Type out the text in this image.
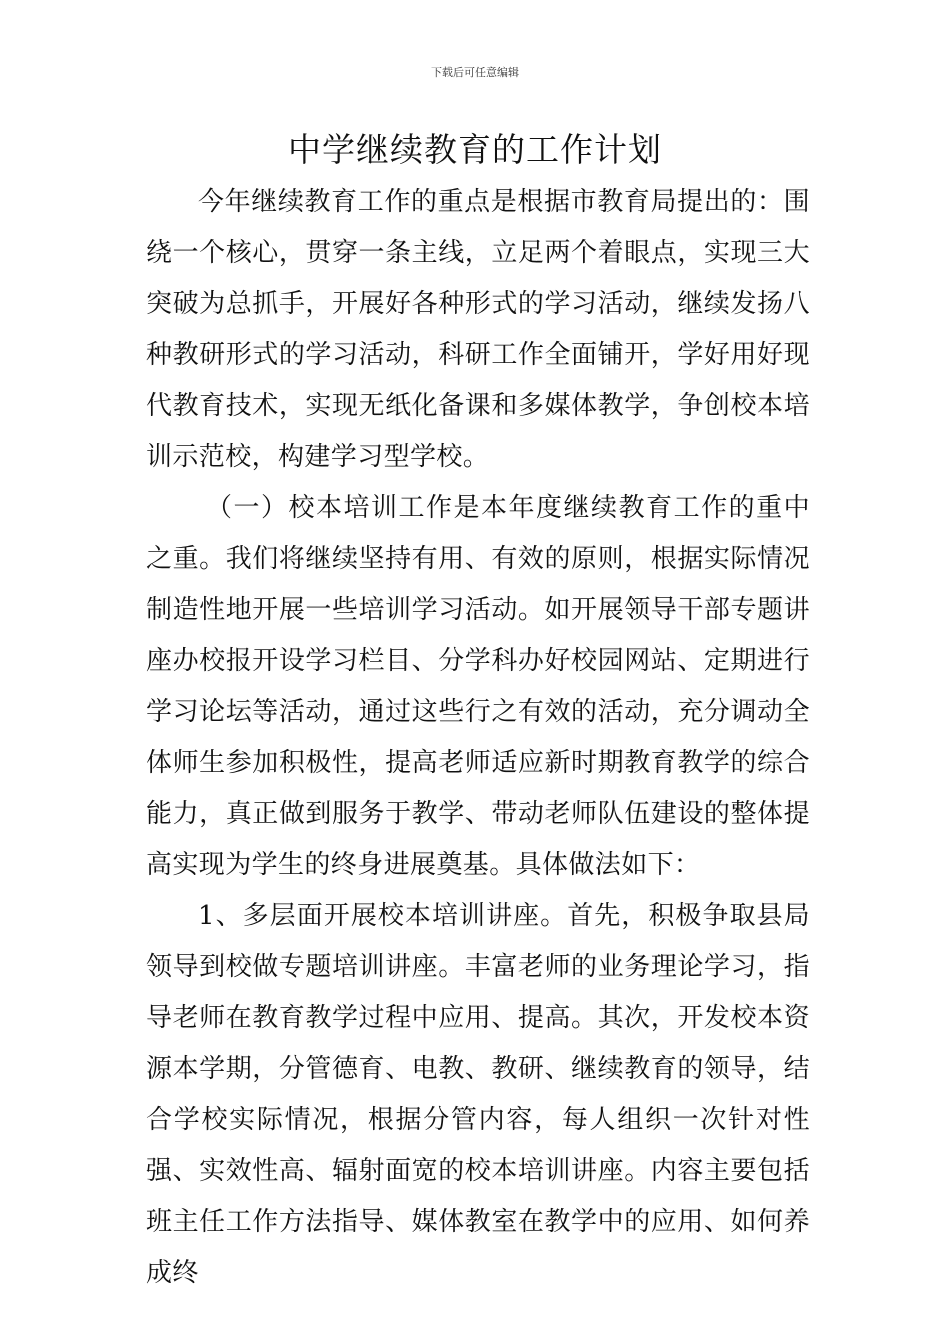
下载后可任意编辑
中学继续教育的工作计划

今年继续教育工作的重点是根据市教育局提出的：围绕一个核心，贯穿一条主线，立足两个着眼点，实现三大突破为总抓手，开展好各种形式的学习活动，继续发扬八种教研形式的学习活动，科研工作全面铺开，学好用好现代教育技术，实现无纸化备课和多媒体教学，争创校本培训示范校，构建学习型学校。

（一）校本培训工作是本年度继续教育工作的重中之重。我们将继续坚持有用、有效的原则，根据实际情况制造性地开展一些培训学习活动。如开展领导干部专题讲座办校报开设学习栏目、分学科办好校园网站、定期进行学习论坛等活动，通过这些行之有效的活动，充分调动全体师生参加积极性，提高老师适应新时期教育教学的综合能力，真正做到服务于教学、带动老师队伍建设的整体提高实现为学生的终身进展奠基。具体做法如下：

1、多层面开展校本培训讲座。首先，积极争取县局领导到校做专题培训讲座。丰富老师的业务理论学习，指导老师在教育教学过程中应用、提高。其次，开发校本资源本学期，分管德育、电教、教研、继续教育的领导，结合学校实际情况，根据分管内容，每人组织一次针对性强、实效性高、辐射面宽的校本培训讲座。内容主要包括班主任工作方法指导、媒体教室在教学中的应用、如何养成终
